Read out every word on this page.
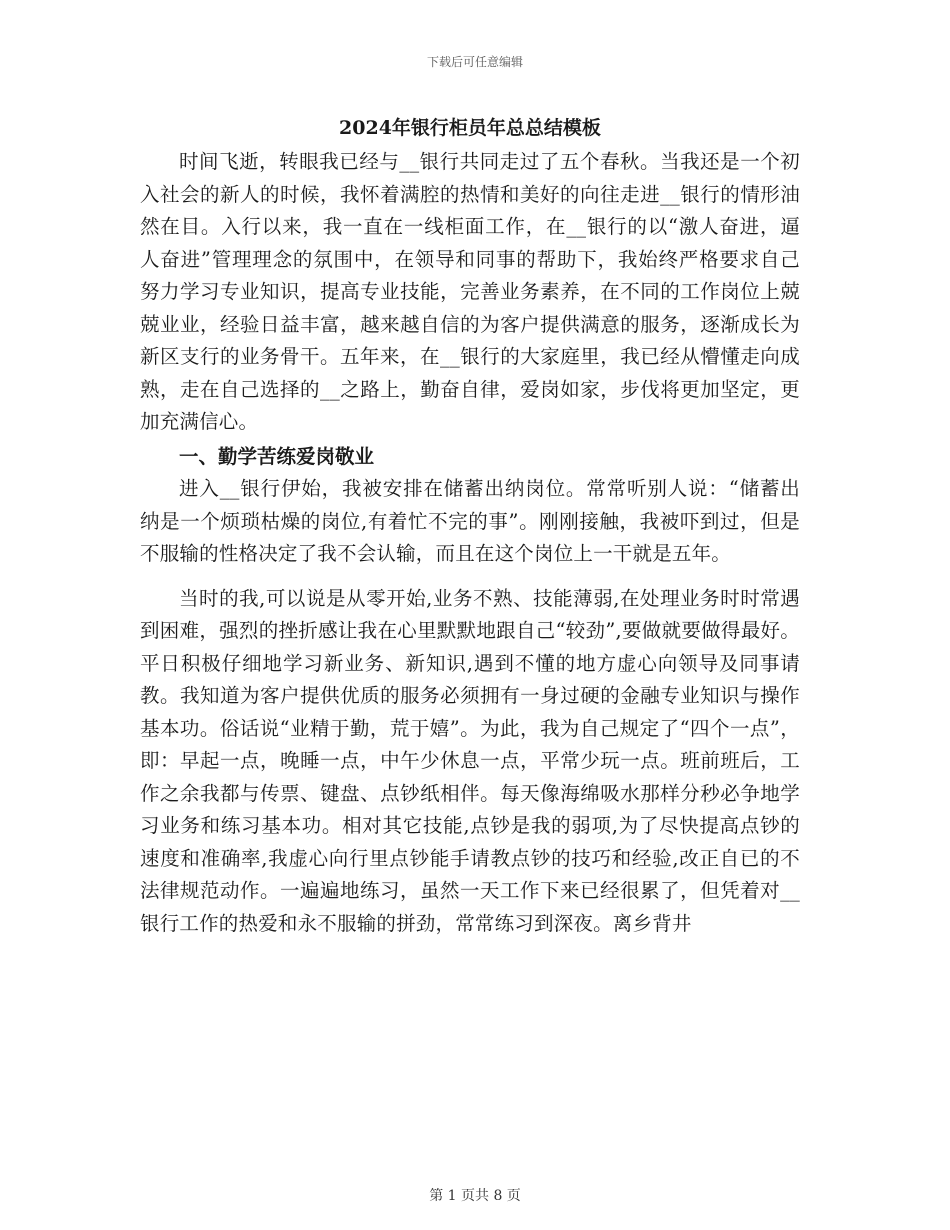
下载后可任意编辑
2024年银行柜员年总总结模板

时间飞逝，转眼我已经与__银行共同走过了五个春秋。当我还是一个初入社会的新人的时候，我怀着满腔的热情和美好的向往走进__银行的情形油然在目。入行以来，我一直在一线柜面工作，在__银行的以“激人奋进，逼人奋进”管理理念的氛围中，在领导和同事的帮助下，我始终严格要求自己努力学习专业知识，提高专业技能，完善业务素养，在不同的工作岗位上兢兢业业，经验日益丰富，越来越自信的为客户提供满意的服务，逐渐成长为新区支行的业务骨干。五年来，在__银行的大家庭里，我已经从懵懂走向成熟，走在自己选择的__之路上，勤奋自律，爱岗如家，步伐将更加坚定，更加充满信心。

一、勤学苦练爱岗敬业

进入__银行伊始，我被安排在储蓄出纳岗位。常常听别人说：“储蓄出纳是一个烦琐枯燥的岗位,有着忙不完的事”。刚刚接触，我被吓到过，但是不服输的性格决定了我不会认输，而且在这个岗位上一干就是五年。

当时的我,可以说是从零开始,业务不熟、技能薄弱,在处理业务时时常遇到困难，强烈的挫折感让我在心里默默地跟自己“较劲”,要做就要做得最好。平日积极仔细地学习新业务、新知识,遇到不懂的地方虚心向领导及同事请教。我知道为客户提供优质的服务必须拥有一身过硬的金融专业知识与操作基本功。俗话说“业精于勤，荒于嬉”。为此，我为自己规定了“四个一点”，即：早起一点，晚睡一点，中午少休息一点，平常少玩一点。班前班后，工作之余我都与传票、键盘、点钞纸相伴。每天像海绵吸水那样分秒必争地学习业务和练习基本功。相对其它技能,点钞是我的弱项,为了尽快提高点钞的速度和准确率,我虚心向行里点钞能手请教点钞的技巧和经验,改正自已的不法律规范动作。一遍遍地练习，虽然一天工作下来已经很累了，但凭着对__银行工作的热爱和永不服输的拼劲，常常练习到深夜。离乡背井

第 1 页共 8 页
